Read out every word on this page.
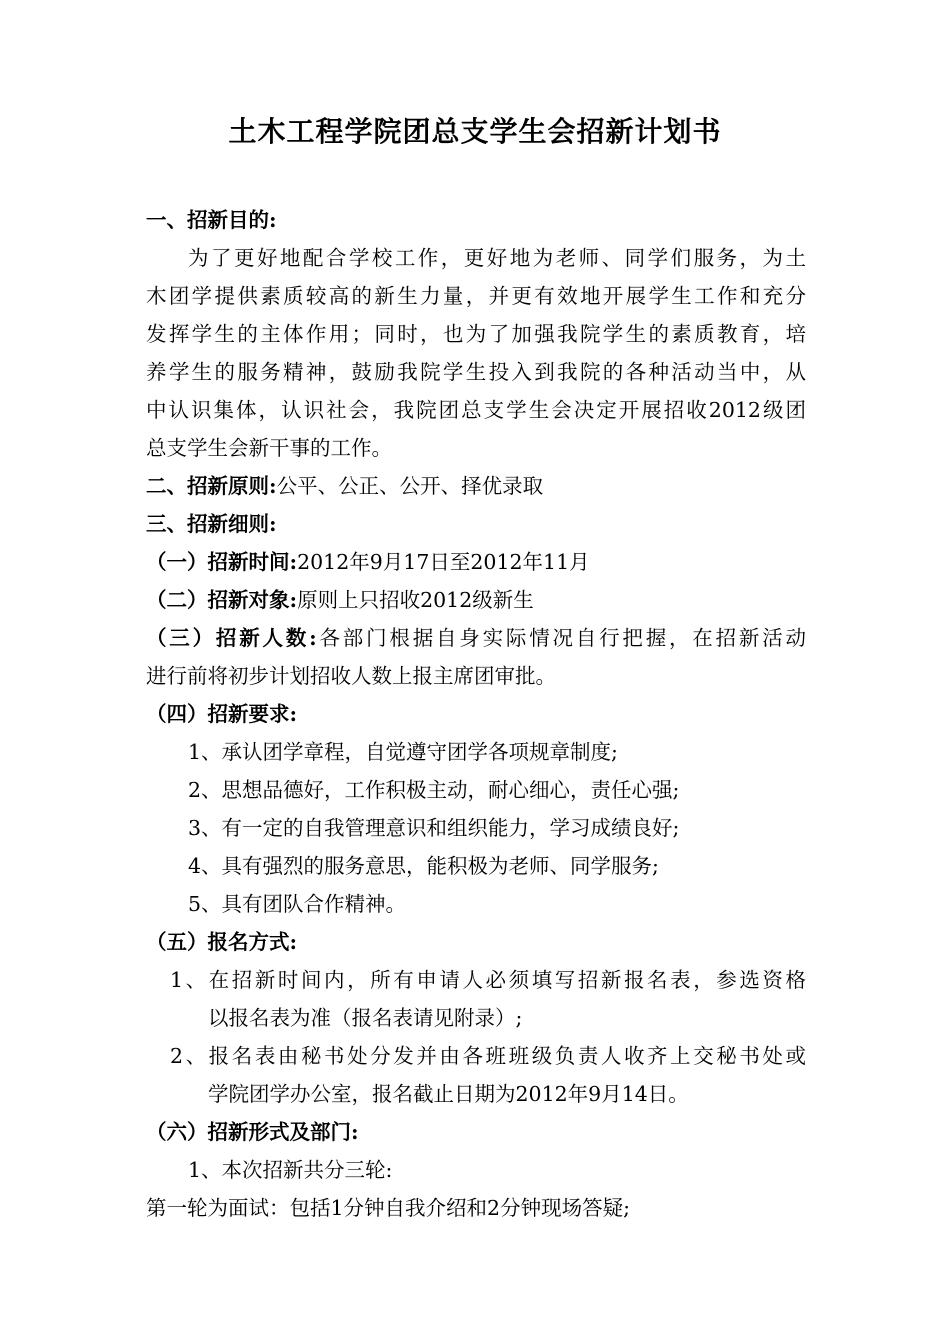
土木工程学院团总支学生会招新计划书
一、招新目的:
为了更好地配合学校工作，更好地为老师、同学们服务，为土
木团学提供素质较高的新生力量，并更有效地开展学生工作和充分
发挥学生的主体作用；同时，也为了加强我院学生的素质教育，培
养学生的服务精神，鼓励我院学生投入到我院的各种活动当中，从
中认识集体，认识社会，我院团总支学生会决定开展招收2012级团
总支学生会新干事的工作。
二、招新原则:公平、公正、公开、择优录取
三、招新细则:
（一）招新时间:2012年9月17日至2012年11月
（二）招新对象:原则上只招收2012级新生
（三）招新人数:各部门根据自身实际情况自行把握，在招新活动
进行前将初步计划招收人数上报主席团审批。
（四）招新要求:
1、承认团学章程，自觉遵守团学各项规章制度;
2、思想品德好，工作积极主动，耐心细心，责任心强;
3、有一定的自我管理意识和组织能力，学习成绩良好;
4、具有强烈的服务意思，能积极为老师、同学服务;
5、具有团队合作精神。
（五）报名方式:
1、在招新时间内，所有申请人必须填写招新报名表，参选资格
以报名表为准（报名表请见附录）;
2、报名表由秘书处分发并由各班班级负责人收齐上交秘书处或
学院团学办公室，报名截止日期为2012年9月14日。
（六）招新形式及部门:
1、本次招新共分三轮:
第一轮为面试：包括1分钟自我介绍和2分钟现场答疑;
